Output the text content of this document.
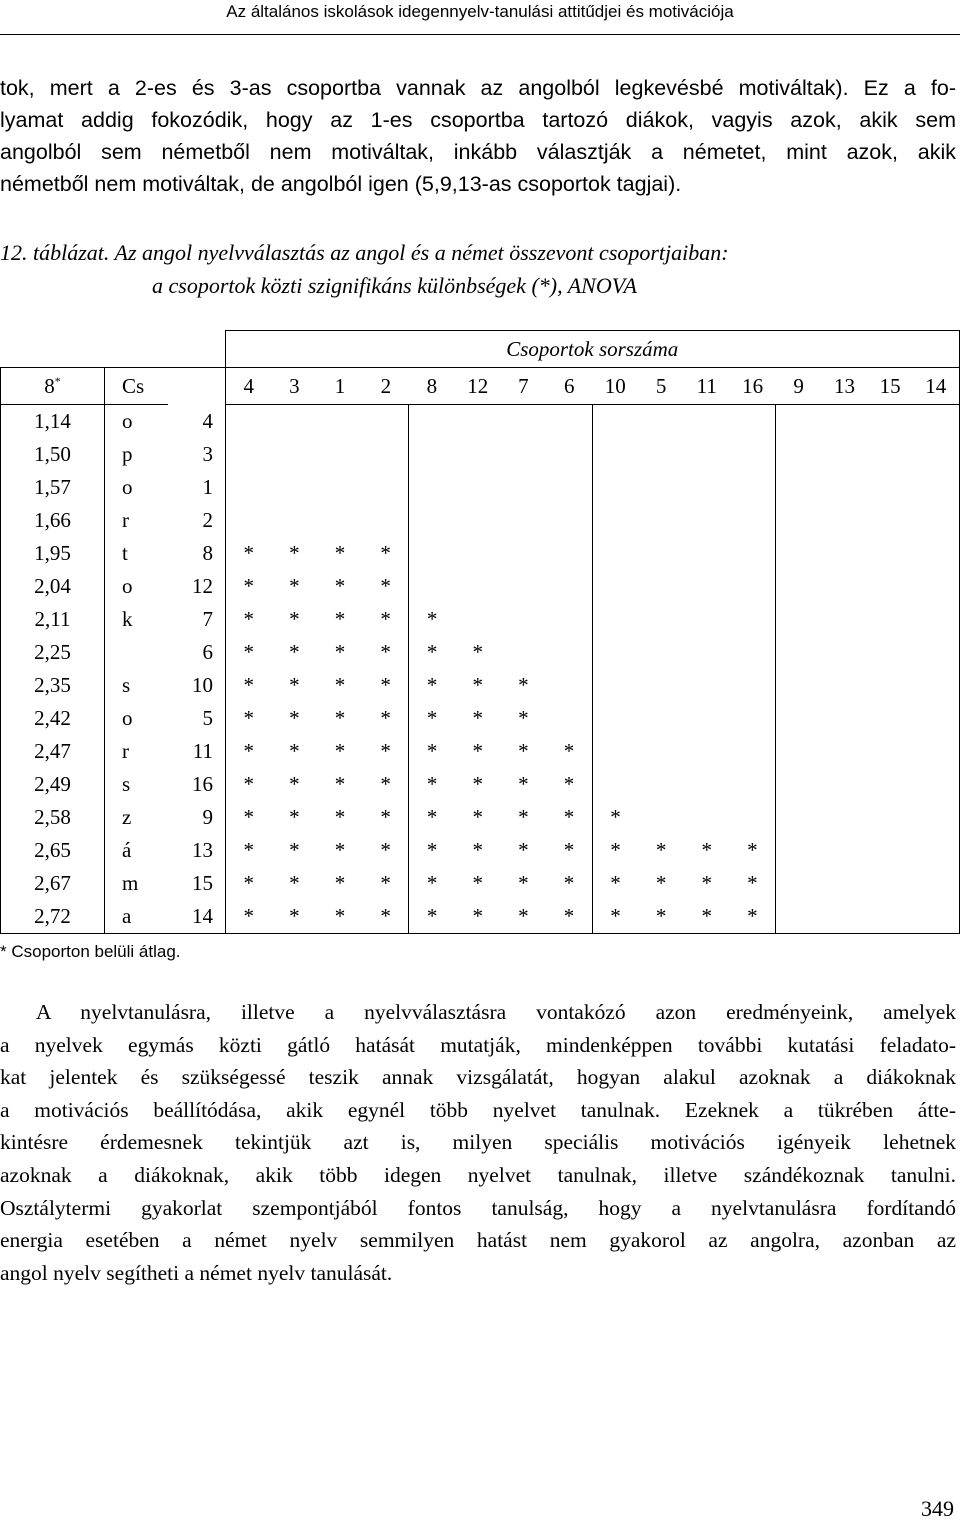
Az általános iskolások idegennyelv-tanulási attitűdjei és motivációja
tok, mert a 2-es és 3-as csoportba vannak az angolból legkevésbé motiváltak). Ez a fo-
lyamat addig fokozódik, hogy az 1-es csoportba tartozó diákok, vagyis azok, akik sem
angolból sem németből nem motiváltak, inkább választják a németet, mint azok, akik
németből nem motiváltak, de angolból igen (5,9,13-as csoportok tagjai).
12. táblázat. Az angol nyelvválasztás az angol és a német összevont csoportjaiban:
a csoportok közti szignifikáns különbségek (*), ANOVA
			Csoportok sorszáma															
8*	Cs		4	3	1	2	8	12	7	6	10	5	11	16	9	13	15	14
1,14	o	4																
1,50	p	3																
1,57	o	1																
1,66	r	2																
1,95	t	8	*	*	*	*												
2,04	o	12	*	*	*	*												
2,11	k	7	*	*	*	*	*											
2,25		6	*	*	*	*	*	*										
2,35	s	10	*	*	*	*	*	*	*									
2,42	o	5	*	*	*	*	*	*	*									
2,47	r	11	*	*	*	*	*	*	*	*								
2,49	s	16	*	*	*	*	*	*	*	*								
2,58	z	9	*	*	*	*	*	*	*	*	*							
2,65	á	13	*	*	*	*	*	*	*	*	*	*	*	*				
2,67	m	15	*	*	*	*	*	*	*	*	*	*	*	*				
2,72	a	14	*	*	*	*	*	*	*	*	*	*	*	*				
* Csoporton belüli átlag.
A nyelvtanulásra, illetve a nyelvválasztásra vontakózó azon eredményeink, amelyek
a nyelvek egymás közti gátló hatását mutatják, mindenképpen további kutatási feladato-
kat jelentek és szükségessé teszik annak vizsgálatát, hogyan alakul azoknak a diákoknak
a motivációs beállítódása, akik egynél több nyelvet tanulnak. Ezeknek a tükrében átte-
kintésre érdemesnek tekintjük azt is, milyen speciális motivációs igényeik lehetnek
azoknak a diákoknak, akik több idegen nyelvet tanulnak, illetve szándékoznak tanulni.
Osztálytermi gyakorlat szempontjából fontos tanulság, hogy a nyelvtanulásra fordítandó
energia esetében a német nyelv semmilyen hatást nem gyakorol az angolra, azonban az
angol nyelv segítheti a német nyelv tanulását.
349
